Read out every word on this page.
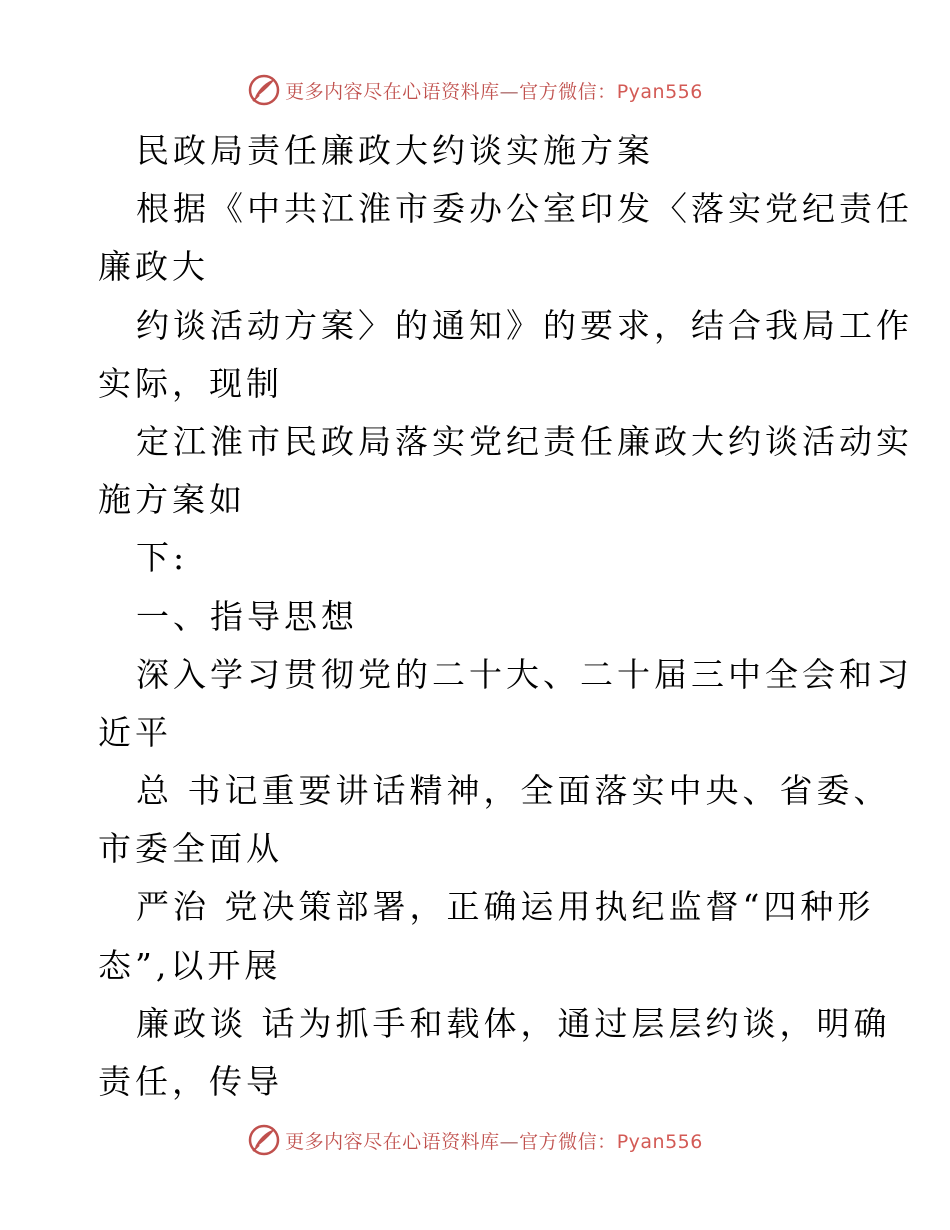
更多内容尽在心语资料库—官方微信：Pyan556
民政局责任廉政大约谈实施方案
根据《中共江淮市委办公室印发〈落实党纪责任
廉政大
约谈活动方案〉的通知》的要求，结合我局工作
实际，现制
定江淮市民政局落实党纪责任廉政大约谈活动实
施方案如
下:
一、指导思想
深入学习贯彻党的二十大、二十届三中全会和习
近平
总 书记重要讲话精神，全面落实中央、省委、
市委全面从
严治 党决策部署，正确运用执纪监督“四种形
态”,以开展
廉政谈 话为抓手和载体，通过层层约谈，明确
责任，传导
更多内容尽在心语资料库—官方微信：Pyan556
